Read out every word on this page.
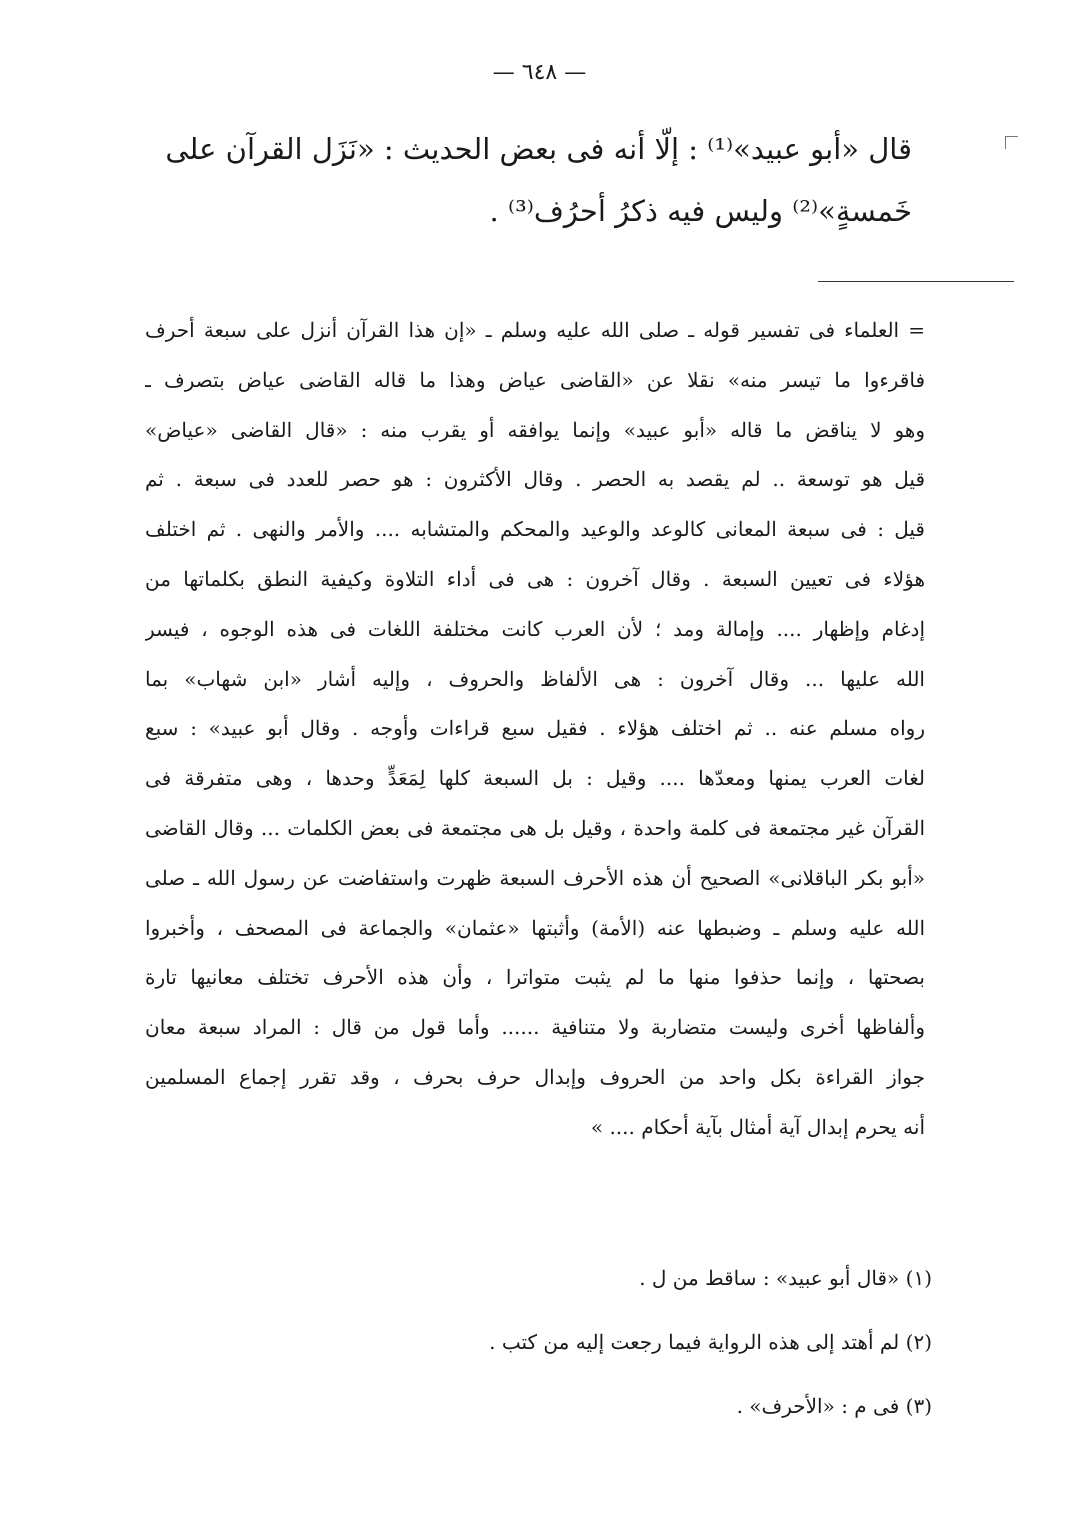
— ٦٤٨ —
قال «أبو عبيد»⁽¹⁾ : إلّا أنه فى بعض الحديث : «نَزَل القرآن على
خَمسةٍ»⁽²⁾ وليس فيه ذكرُ أحرُف⁽³⁾ .
= العلماء فى تفسير قوله ـ صلى الله عليه وسلم ـ «إن هذا القرآن أنزل على سبعة أحرف
فاقرءوا ما تيسر منه» نقلا عن «القاضى عياض وهذا ما قاله القاضى عياض بتصرف ـ
وهو لا يناقض ما قاله «أبو عبيد» وإنما يوافقه أو يقرب منه : «قال القاضى «عياض»
قيل هو توسعة .. لم يقصد به الحصر . وقال الأكثرون : هو حصر للعدد فى سبعة . ثم
قيل : فى سبعة المعانى كالوعد والوعيد والمحكم والمتشابه .... والأمر والنهى . ثم اختلف
هؤلاء فى تعيين السبعة . وقال آخرون : هى فى أداء التلاوة وكيفية النطق بكلماتها من
إدغام وإظهار .... وإمالة ومد ؛ لأن العرب كانت مختلفة اللغات فى هذه الوجوه ، فيسر
الله عليها ... وقال آخرون : هى الألفاظ والحروف ، وإليه أشار «ابن شهاب» بما
رواه مسلم عنه .. ثم اختلف هؤلاء . فقيل سبع قراءات وأوجه . وقال أبو عبيد» : سبع
لغات العرب يمنها ومعدّها .... وقيل : بل السبعة كلها لِمَعَدٍّ وحدها ، وهى متفرقة فى
القرآن غير مجتمعة فى كلمة واحدة ، وقيل بل هى مجتمعة فى بعض الكلمات ... وقال القاضى
«أبو بكر الباقلانى» الصحيح أن هذه الأحرف السبعة ظهرت واستفاضت عن رسول الله ـ صلى
الله عليه وسلم ـ وضبطها عنه (الأمة) وأثبتها «عثمان» والجماعة فى المصحف ، وأخبروا
بصحتها ، وإنما حذفوا منها ما لم يثبت متواترا ، وأن هذه الأحرف تختلف معانيها تارة
وألفاظها أخرى وليست متضاربة ولا متنافية ...... وأما قول من قال : المراد سبعة معان
جواز القراءة بكل واحد من الحروف وإبدال حرف بحرف ، وقد تقرر إجماع المسلمين
أنه يحرم إبدال آية أمثال بآية أحكام .... »
(١) «قال أبو عبيد» : ساقط من ل .
(٢) لم أهتد إلى هذه الرواية فيما رجعت إليه من كتب .
(٣) فى م : «الأحرف» .
